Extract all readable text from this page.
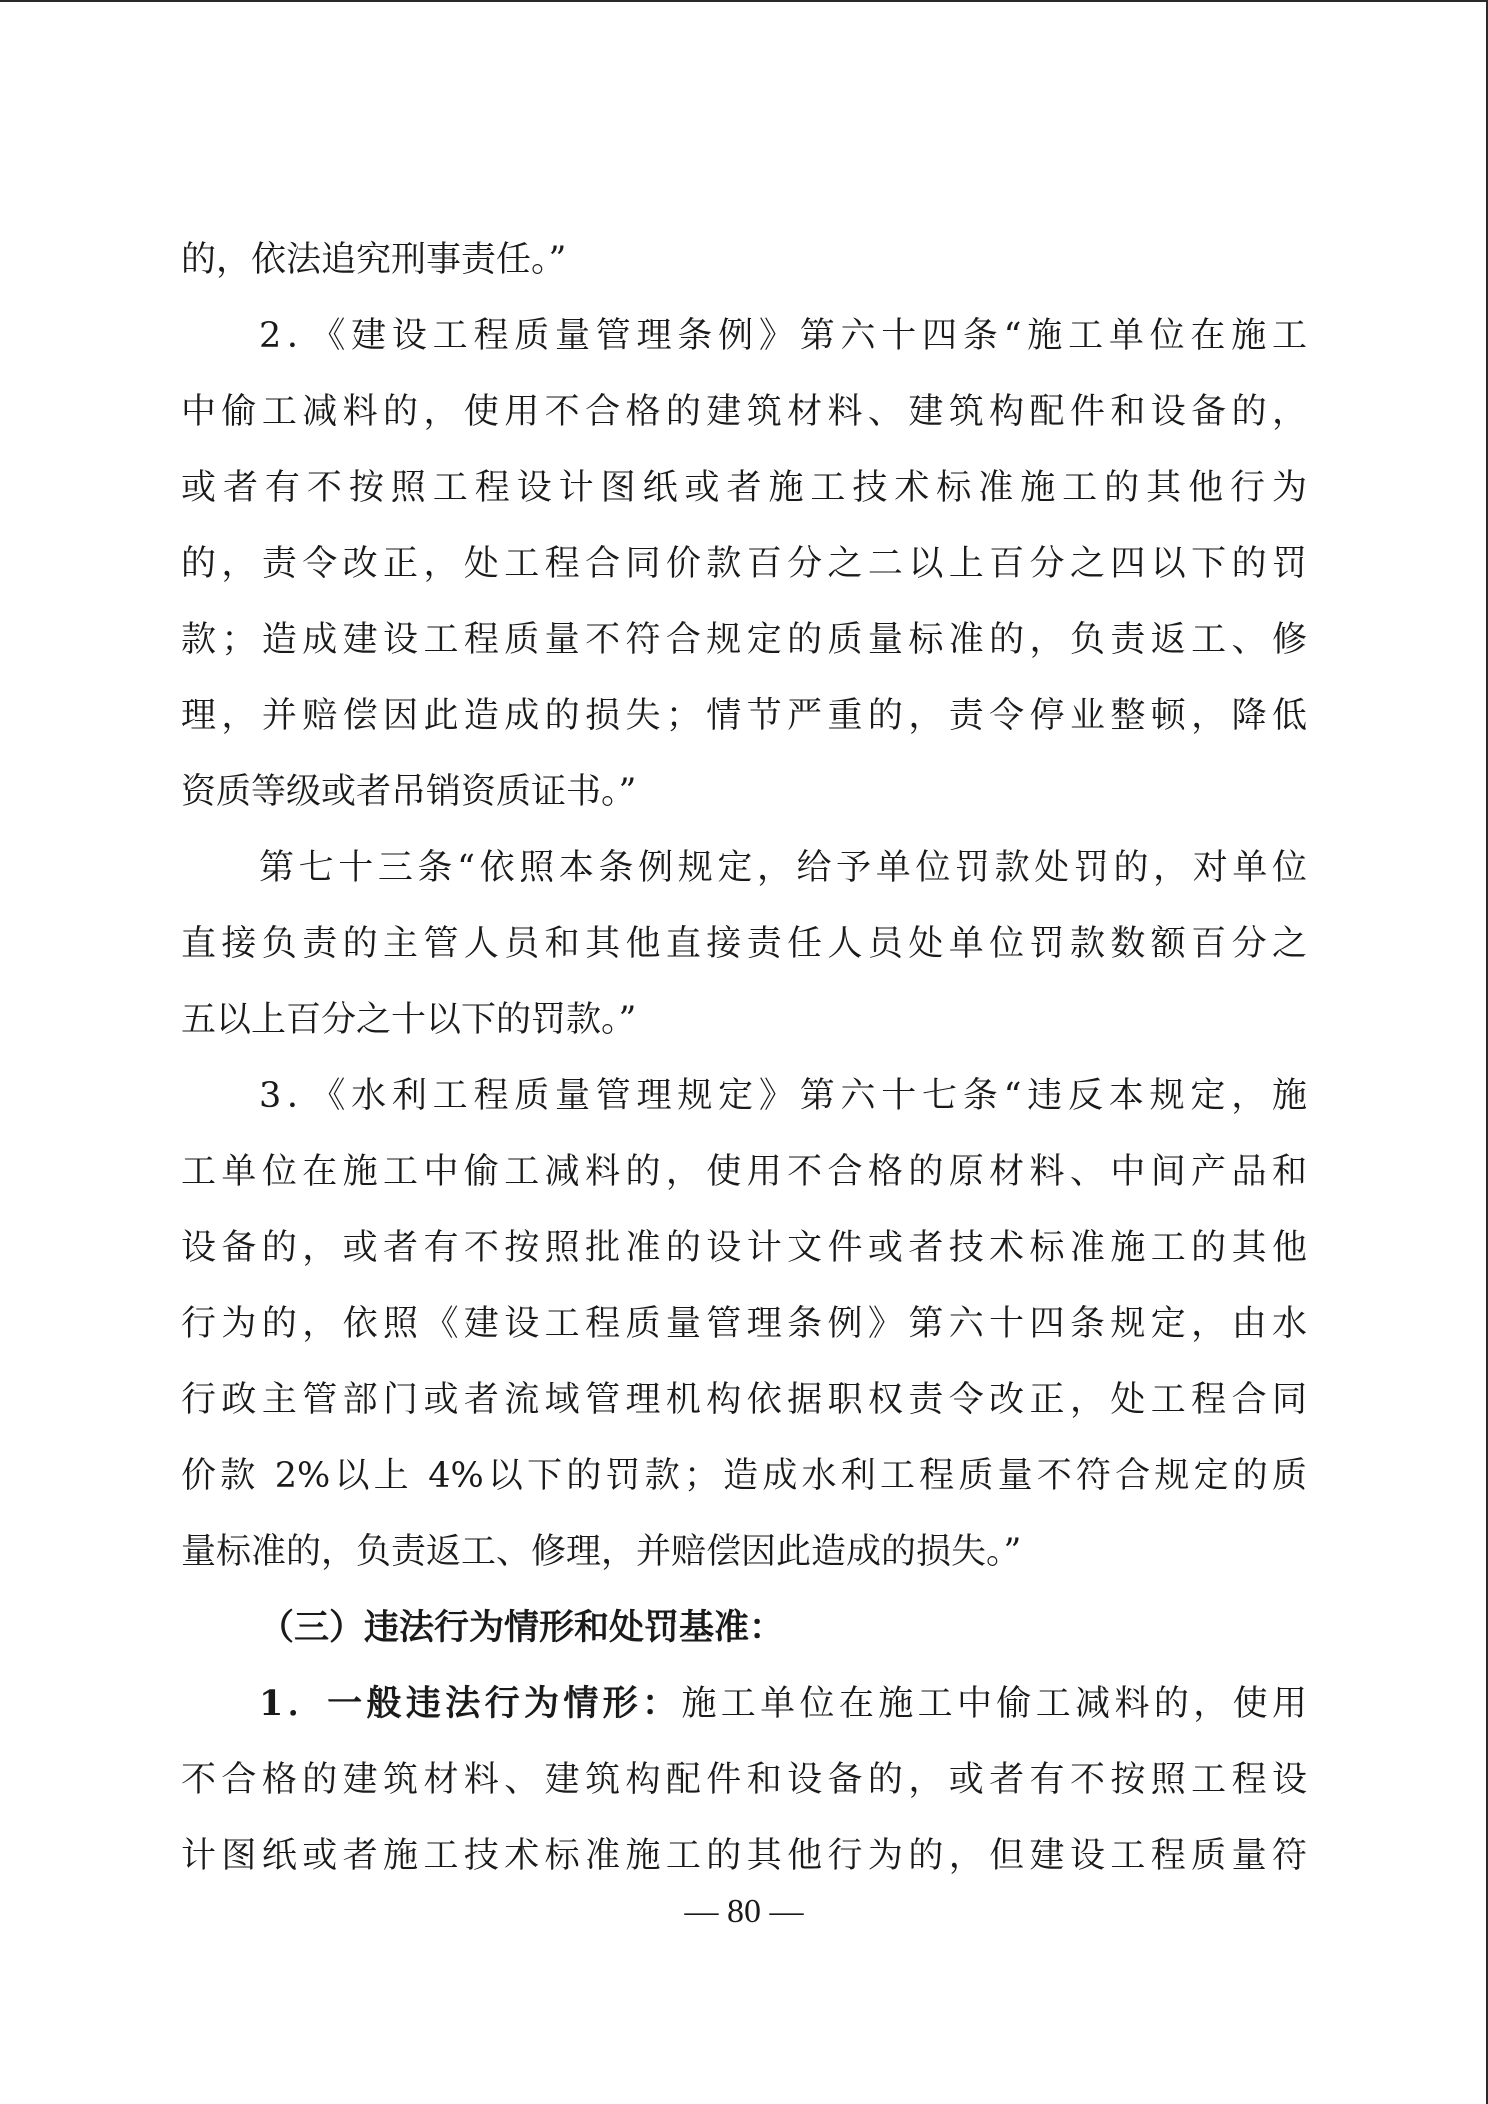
的，依法追究刑事责任。”
2．《建设工程质量管理条例》第六十四条“施工单位在施工
中偷工减料的，使用不合格的建筑材料、建筑构配件和设备的，
或者有不按照工程设计图纸或者施工技术标准施工的其他行为
的，责令改正，处工程合同价款百分之二以上百分之四以下的罚
款；造成建设工程质量不符合规定的质量标准的，负责返工、修
理，并赔偿因此造成的损失；情节严重的，责令停业整顿，降低
资质等级或者吊销资质证书。”
第七十三条“依照本条例规定，给予单位罚款处罚的，对单位
直接负责的主管人员和其他直接责任人员处单位罚款数额百分之
五以上百分之十以下的罚款。”
3．《水利工程质量管理规定》第六十七条“违反本规定，施
工单位在施工中偷工减料的，使用不合格的原材料、中间产品和
设备的，或者有不按照批准的设计文件或者技术标准施工的其他
行为的，依照《建设工程质量管理条例》第六十四条规定，由水
行政主管部门或者流域管理机构依据职权责令改正，处工程合同
价款 2%以上 4%以下的罚款；造成水利工程质量不符合规定的质
量标准的，负责返工、修理，并赔偿因此造成的损失。”
（三）违法行为情形和处罚基准：
1．一般违法行为情形：施工单位在施工中偷工减料的，使用
不合格的建筑材料、建筑构配件和设备的，或者有不按照工程设
计图纸或者施工技术标准施工的其他行为的，但建设工程质量符
— 80 —
